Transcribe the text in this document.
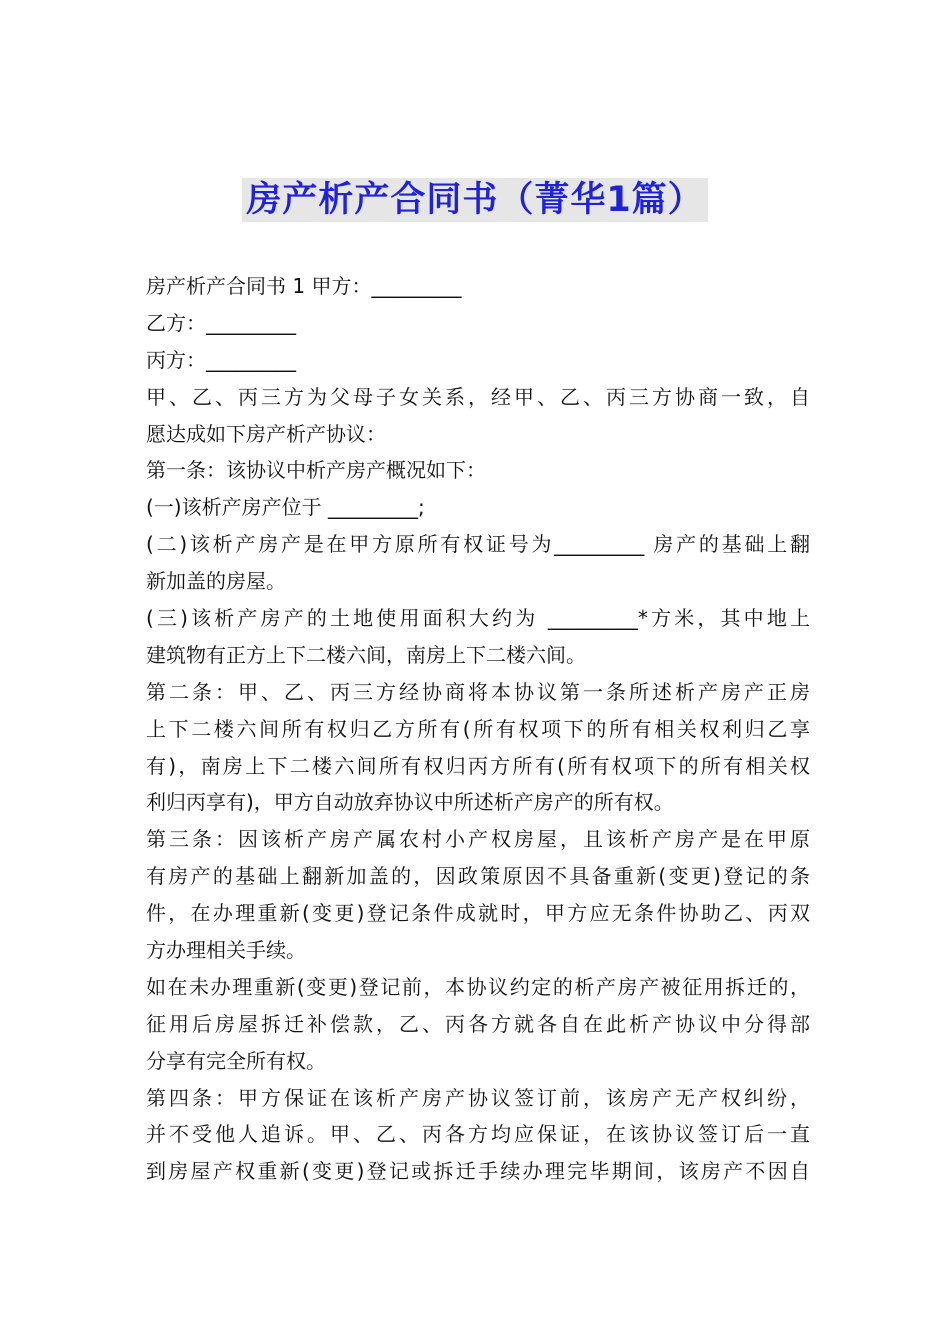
房产析产合同书（菁华1篇）
房产析产合同书 1 甲方：_________
乙方：_________
丙方：_________
甲、乙、丙三方为父母子女关系，经甲、乙、丙三方协商一致，自
愿达成如下房产析产协议：
第一条：该协议中析产房产概况如下：
(一)该析产房产位于 _________;
(二)该析产房产是在甲方原所有权证号为_________ 房产的基础上翻
新加盖的房屋。
(三)该析产房产的土地使用面积大约为 _________*方米，其中地上
建筑物有正方上下二楼六间，南房上下二楼六间。
第二条：甲、乙、丙三方经协商将本协议第一条所述析产房产正房
上下二楼六间所有权归乙方所有(所有权项下的所有相关权利归乙享
有)，南房上下二楼六间所有权归丙方所有(所有权项下的所有相关权
利归丙享有)，甲方自动放弃协议中所述析产房产的所有权。
第三条：因该析产房产属农村小产权房屋，且该析产房产是在甲原
有房产的基础上翻新加盖的，因政策原因不具备重新(变更)登记的条
件，在办理重新(变更)登记条件成就时，甲方应无条件协助乙、丙双
方办理相关手续。
如在未办理重新(变更)登记前，本协议约定的析产房产被征用拆迁的，
征用后房屋拆迁补偿款，乙、丙各方就各自在此析产协议中分得部
分享有完全所有权。
第四条：甲方保证在该析产房产协议签订前，该房产无产权纠纷，
并不受他人追诉。甲、乙、丙各方均应保证，在该协议签订后一直
到房屋产权重新(变更)登记或拆迁手续办理完毕期间，该房产不因自
